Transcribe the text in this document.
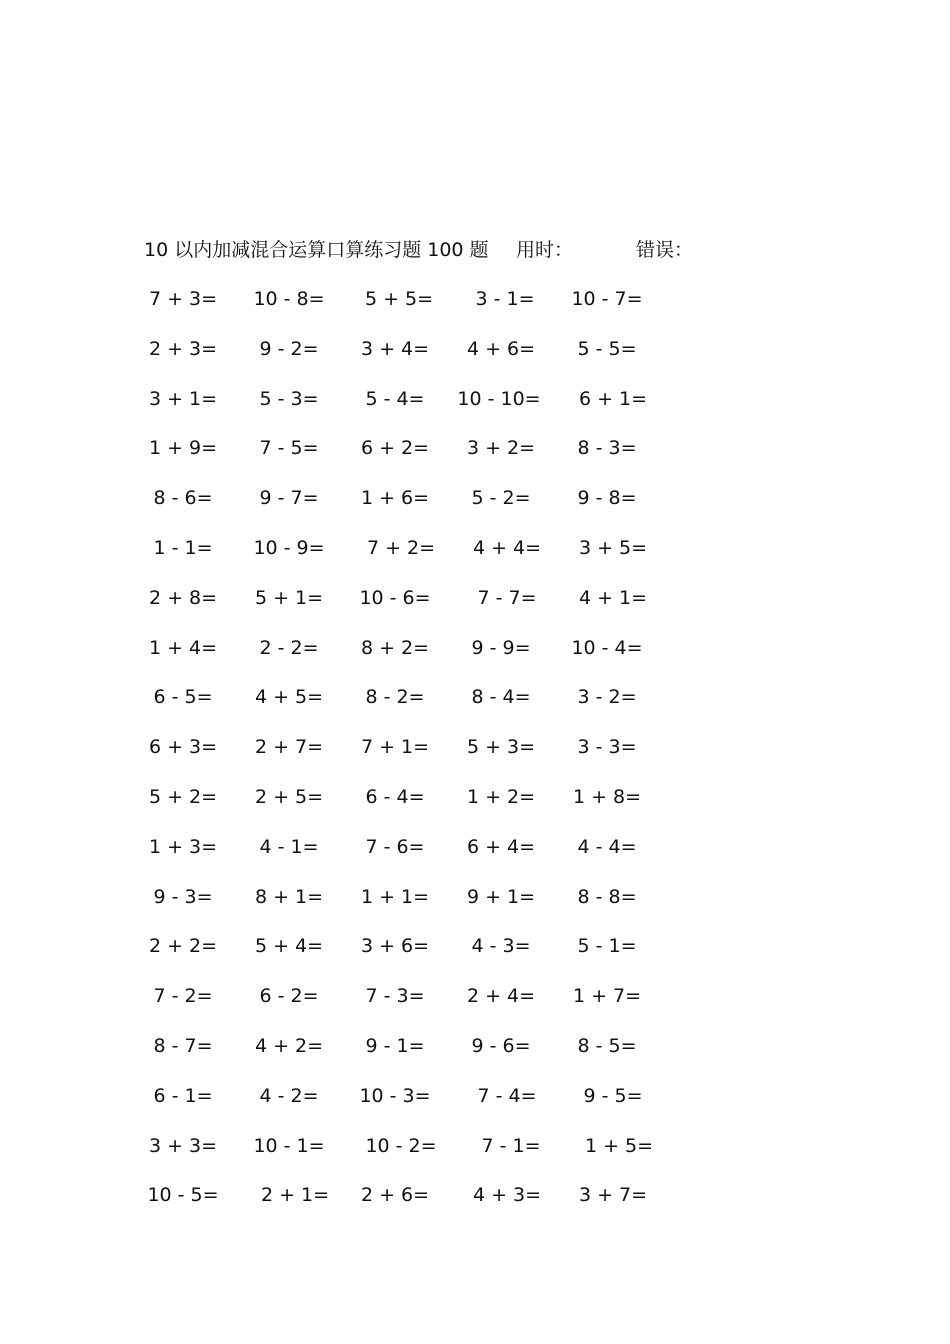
10 以内加减混合运算口算练习题 100 题 用时：	错误：
7 + 3=	10 - 8=	5 + 5=	3 - 1=	10 - 7=
2 + 3=	9 - 2=	3 + 4=	4 + 6=	5 - 5=
3 + 1=	5 - 3=	5 - 4=	10 - 10=	6 + 1=
1 + 9=	7 - 5=	6 + 2=	3 + 2=	8 - 3=
8 - 6=	9 - 7=	1 + 6=	5 - 2=	9 - 8=
1 - 1=	10 - 9=	7 + 2=	4 + 4=	3 + 5=
2 + 8=	5 + 1=	10 - 6=	7 - 7=	4 + 1=
1 + 4=	2 - 2=	8 + 2=	9 - 9=	10 - 4=
6 - 5=	4 + 5=	8 - 2=	8 - 4=	3 - 2=
6 + 3=	2 + 7=	7 + 1=	5 + 3=	3 - 3=
5 + 2=	2 + 5=	6 - 4=	1 + 2=	1 + 8=
1 + 3=	4 - 1=	7 - 6=	6 + 4=	4 - 4=
9 - 3=	8 + 1=	1 + 1=	9 + 1=	8 - 8=
2 + 2=	5 + 4=	3 + 6=	4 - 3=	5 - 1=
7 - 2=	6 - 2=	7 - 3=	2 + 4=	1 + 7=
8 - 7=	4 + 2=	9 - 1=	9 - 6=	8 - 5=
6 - 1=	4 - 2=	10 - 3=	7 - 4=	9 - 5=
3 + 3=	10 - 1=	10 - 2=	7 - 1=	1 + 5=
10 - 5=	2 + 1=	2 + 6=	4 + 3=	3 + 7=
